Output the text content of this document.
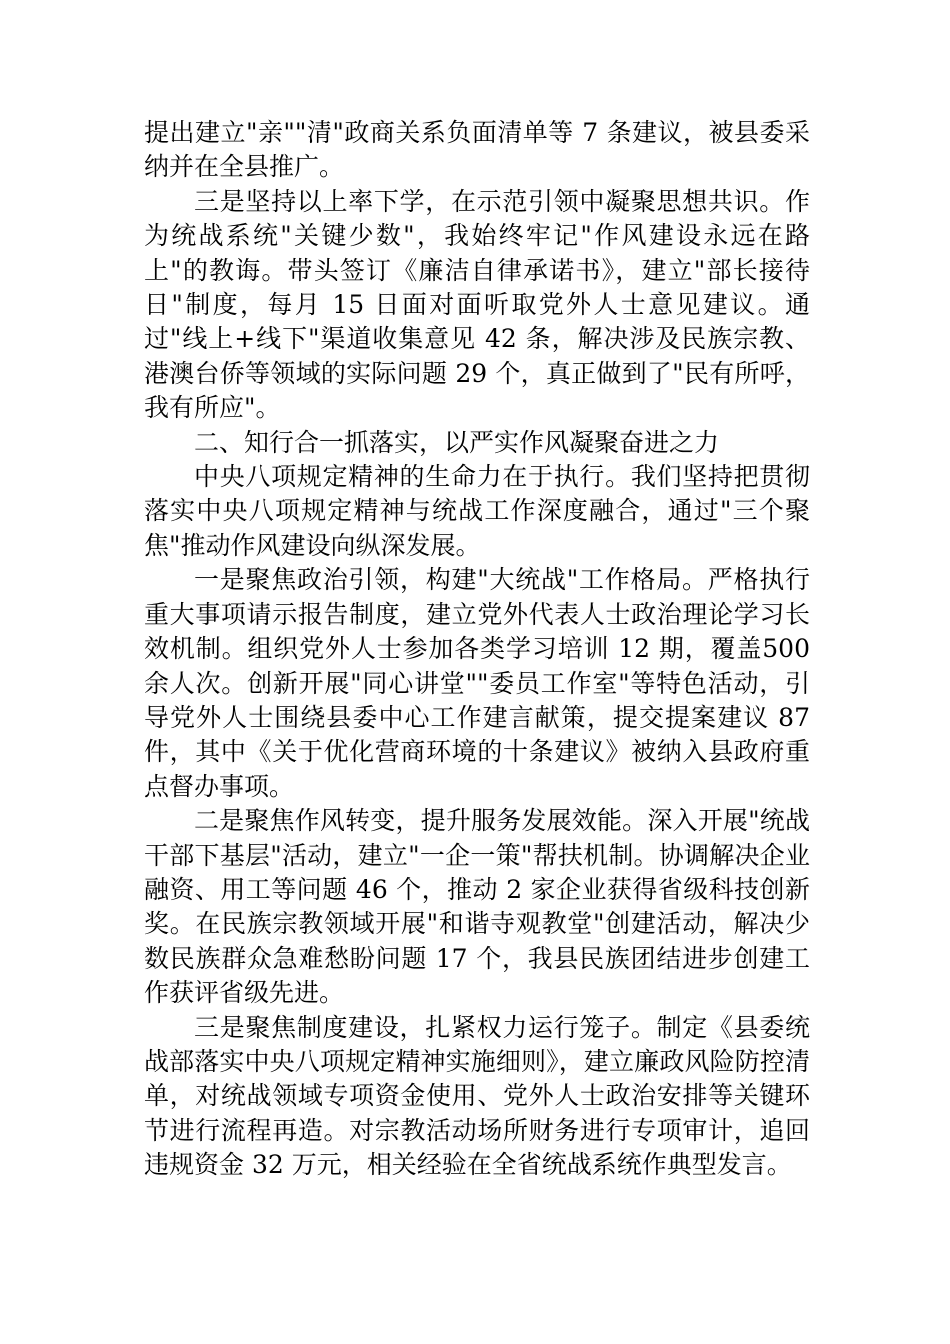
提出建立"亲""清"政商关系负面清单等 7 条建议，被县委采纳并在全县推广。

三是坚持以上率下学，在示范引领中凝聚思想共识。作为统战系统"关键少数"，我始终牢记"作风建设永远在路上"的教诲。带头签订《廉洁自律承诺书》，建立"部长接待日"制度，每月 15 日面对面听取党外人士意见建议。通过"线上+线下"渠道收集意见 42 条，解决涉及民族宗教、港澳台侨等领域的实际问题 29 个，真正做到了"民有所呼，我有所应"。

二、知行合一抓落实，以严实作风凝聚奋进之力

中央八项规定精神的生命力在于执行。我们坚持把贯彻落实中央八项规定精神与统战工作深度融合，通过"三个聚焦"推动作风建设向纵深发展。

一是聚焦政治引领，构建"大统战"工作格局。严格执行重大事项请示报告制度，建立党外代表人士政治理论学习长效机制。组织党外人士参加各类学习培训 12 期，覆盖500 余人次。创新开展"同心讲堂""委员工作室"等特色活动，引导党外人士围绕县委中心工作建言献策，提交提案建议 87 件，其中《关于优化营商环境的十条建议》被纳入县政府重点督办事项。

二是聚焦作风转变，提升服务发展效能。深入开展"统战干部下基层"活动，建立"一企一策"帮扶机制。协调解决企业融资、用工等问题 46 个，推动 2 家企业获得省级科技创新奖。在民族宗教领域开展"和谐寺观教堂"创建活动，解决少数民族群众急难愁盼问题 17 个，我县民族团结进步创建工作获评省级先进。

三是聚焦制度建设，扎紧权力运行笼子。制定《县委统战部落实中央八项规定精神实施细则》，建立廉政风险防控清单，对统战领域专项资金使用、党外人士政治安排等关键环节进行流程再造。对宗教活动场所财务进行专项审计，追回违规资金 32 万元，相关经验在全省统战系统作典型发言。
